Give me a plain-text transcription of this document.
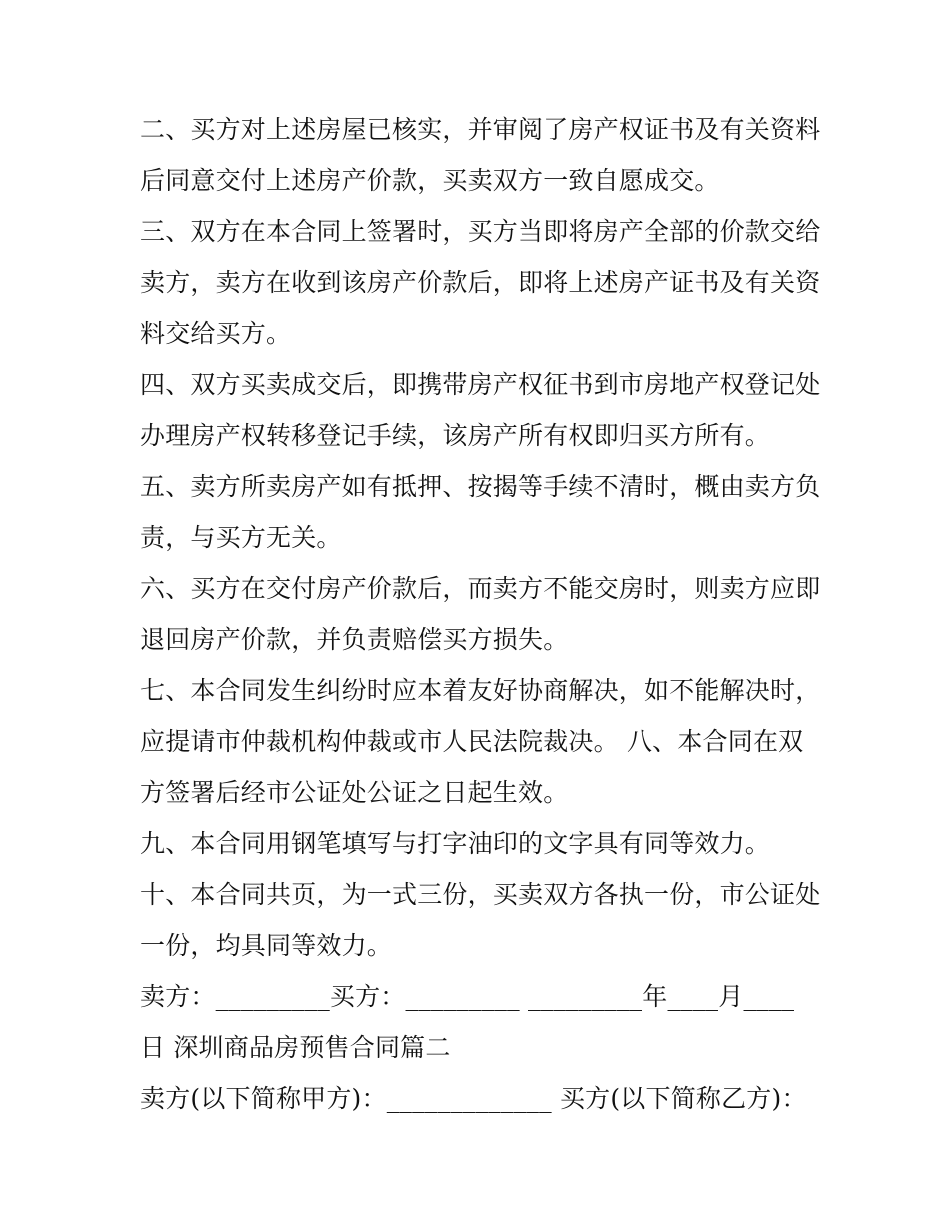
二、买方对上述房屋已核实，并审阅了房产权证书及有关资料
后同意交付上述房产价款，买卖双方一致自愿成交。
三、双方在本合同上签署时，买方当即将房产全部的价款交给
卖方，卖方在收到该房产价款后，即将上述房产证书及有关资
料交给买方。
四、双方买卖成交后，即携带房产权征书到市房地产权登记处
办理房产权转移登记手续，该房产所有权即归买方所有。
五、卖方所卖房产如有抵押、按揭等手续不清时，概由卖方负
责，与买方无关。
六、买方在交付房产价款后，而卖方不能交房时，则卖方应即
退回房产价款，并负责赔偿买方损失。
七、本合同发生纠纷时应本着友好协商解决，如不能解决时，
应提请市仲裁机构仲裁或市人民法院裁决。 八、本合同在双
方签署后经市公证处公证之日起生效。
九、本合同用钢笔填写与打字油印的文字具有同等效力。
十、本合同共页，为一式三份，买卖双方各执一份，市公证处
一份，均具同等效力。
卖方：_________买方：_________ _________年____月____
日 深圳商品房预售合同篇二
卖方(以下简称甲方)：_____________ 买方(以下简称乙方)：
